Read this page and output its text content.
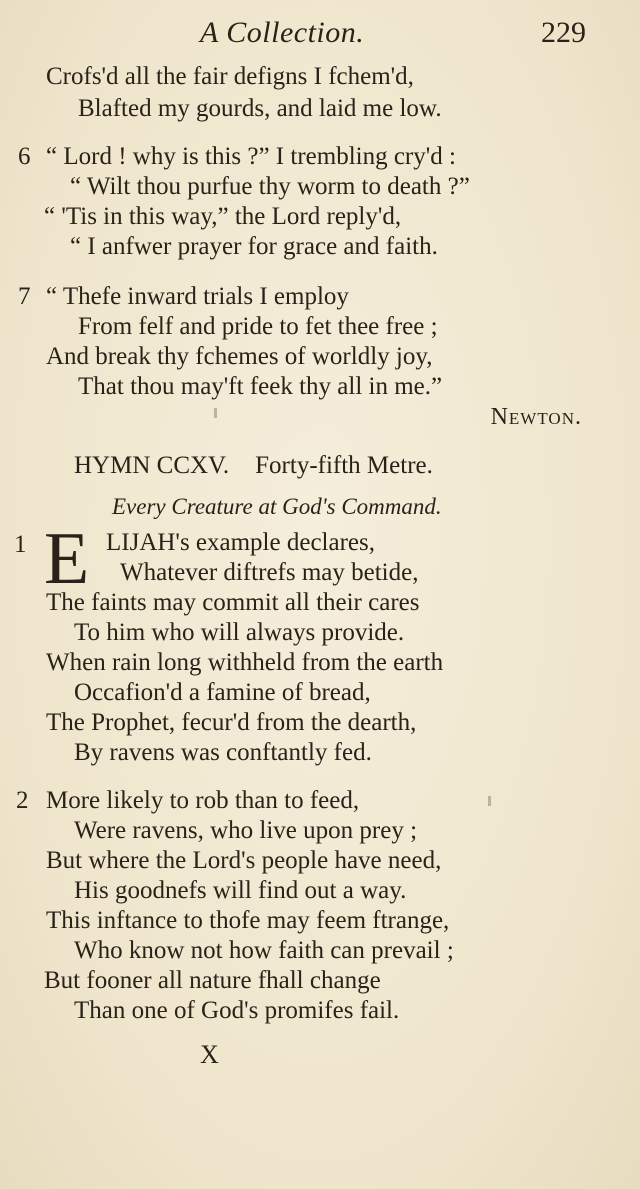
A Collection.	229
Crofs'd all the fair defigns I fchem'd,
Blafted my gourds, and laid me low.
6 “ Lord ! why is this ?” I trembling cry'd :
“ Wilt thou purfue thy worm to death ?”
“ 'Tis in this way,” the Lord reply'd,
“ I anfwer prayer for grace and faith.
7 “ Thefe inward trials I employ
From felf and pride to fet thee free ;
And break thy fchemes of worldly joy,
That thou may'ft feek thy all in me.”
Newton.
HYMN CCXV. Forty-fifth Metre.
Every Creature at God's Command.
1 E LIJAH's example declares,
Whatever diftrefs may betide,
The faints may commit all their cares
To him who will always provide.
When rain long withheld from the earth
Occafion'd a famine of bread,
The Prophet, fecur'd from the dearth,
By ravens was conftantly fed.
2 More likely to rob than to feed,
Were ravens, who live upon prey ;
But where the Lord's people have need,
His goodnefs will find out a way.
This inftance to thofe may feem ftrange,
Who know not how faith can prevail ;
But fooner all nature fhall change
Than one of God's promifes fail.
X
